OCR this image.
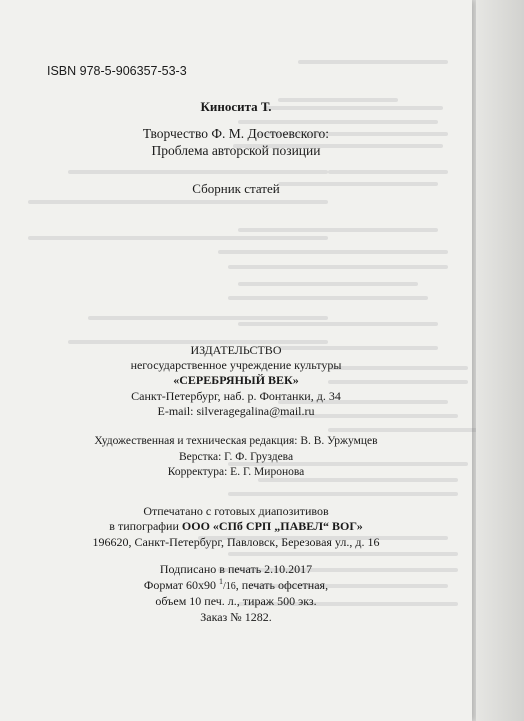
ISBN 978-5-906357-53-3
Киносита Т.
Творчество Ф. М. Достоевского:
Проблема авторской позиции
Сборник статей
ИЗДАТЕЛЬСТВО
негосударственное учреждение культуры
«СЕРЕБРЯНЫЙ ВЕК»
Санкт-Петербург, наб. р. Фонтанки, д. 34
E-mail: silveragegalina@mail.ru
Художественная и техническая редакция: В. В. Уржумцев
Верстка: Г. Ф. Груздева
Корректура: Е. Г. Миронова
Отпечатано с готовых диапозитивов
в типографии ООО «СПб СРП „ПАВЕЛ“ ВОГ»
196620, Санкт-Петербург, Павловск, Березовая ул., д. 16
Подписано в печать 2.10.2017
Формат 60x90 $^1$/16, печать офсетная,
объем 10 печ. л., тираж 500 экз.
Заказ № 1282.
